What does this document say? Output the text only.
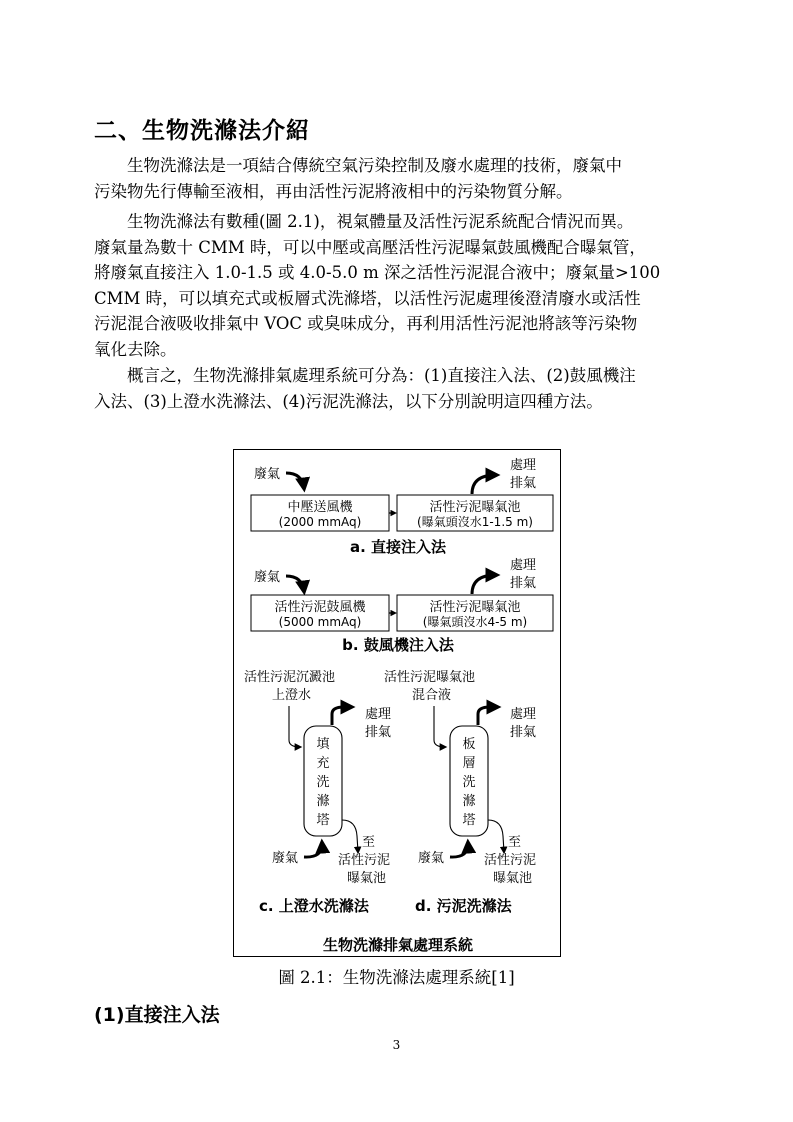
二、生物洗滌法介紹
生物洗滌法是一項結合傳統空氣污染控制及廢水處理的技術，廢氣中
污染物先行傳輸至液相，再由活性污泥將液相中的污染物質分解。
生物洗滌法有數種(圖 2.1)，視氣體量及活性污泥系統配合情況而異。
廢氣量為數十 CMM 時，可以中壓或高壓活性污泥曝氣鼓風機配合曝氣管，
將廢氣直接注入 1.0-1.5 或 4.0-5.0 m 深之活性污泥混合液中；廢氣量>100
CMM 時，可以填充式或板層式洗滌塔，以活性污泥處理後澄清廢水或活性
污泥混合液吸收排氣中 VOC 或臭味成分，再利用活性污泥池將該等污染物
氧化去除。
概言之，生物洗滌排氣處理系統可分為：(1)直接注入法、(2)鼓風機注
入法、(3)上澄水洗滌法、(4)污泥洗滌法，以下分別說明這四種方法。
廢氣
中壓送風機
(2000 mmAq)
活性污泥曝氣池
(曝氣頭沒水1-1.5 m)
處理
排氣
a. 直接注入法
廢氣
活性污泥鼓風機
(5000 mmAq)
活性污泥曝氣池
(曝氣頭沒水4-5 m)
處理
排氣
b. 鼓風機注入法
活性污泥沉澱池
上澄水
填
充
洗
滌
塔
處理
排氣
廢氣
至
活性污泥
曝氣池
c. 上澄水洗滌法
活性污泥曝氣池
混合液
板
層
洗
滌
塔
處理
排氣
廢氣
至
活性污泥
曝氣池
d. 污泥洗滌法
生物洗滌排氣處理系統
圖 2.1：生物洗滌法處理系統[1]
(1)直接注入法
3
